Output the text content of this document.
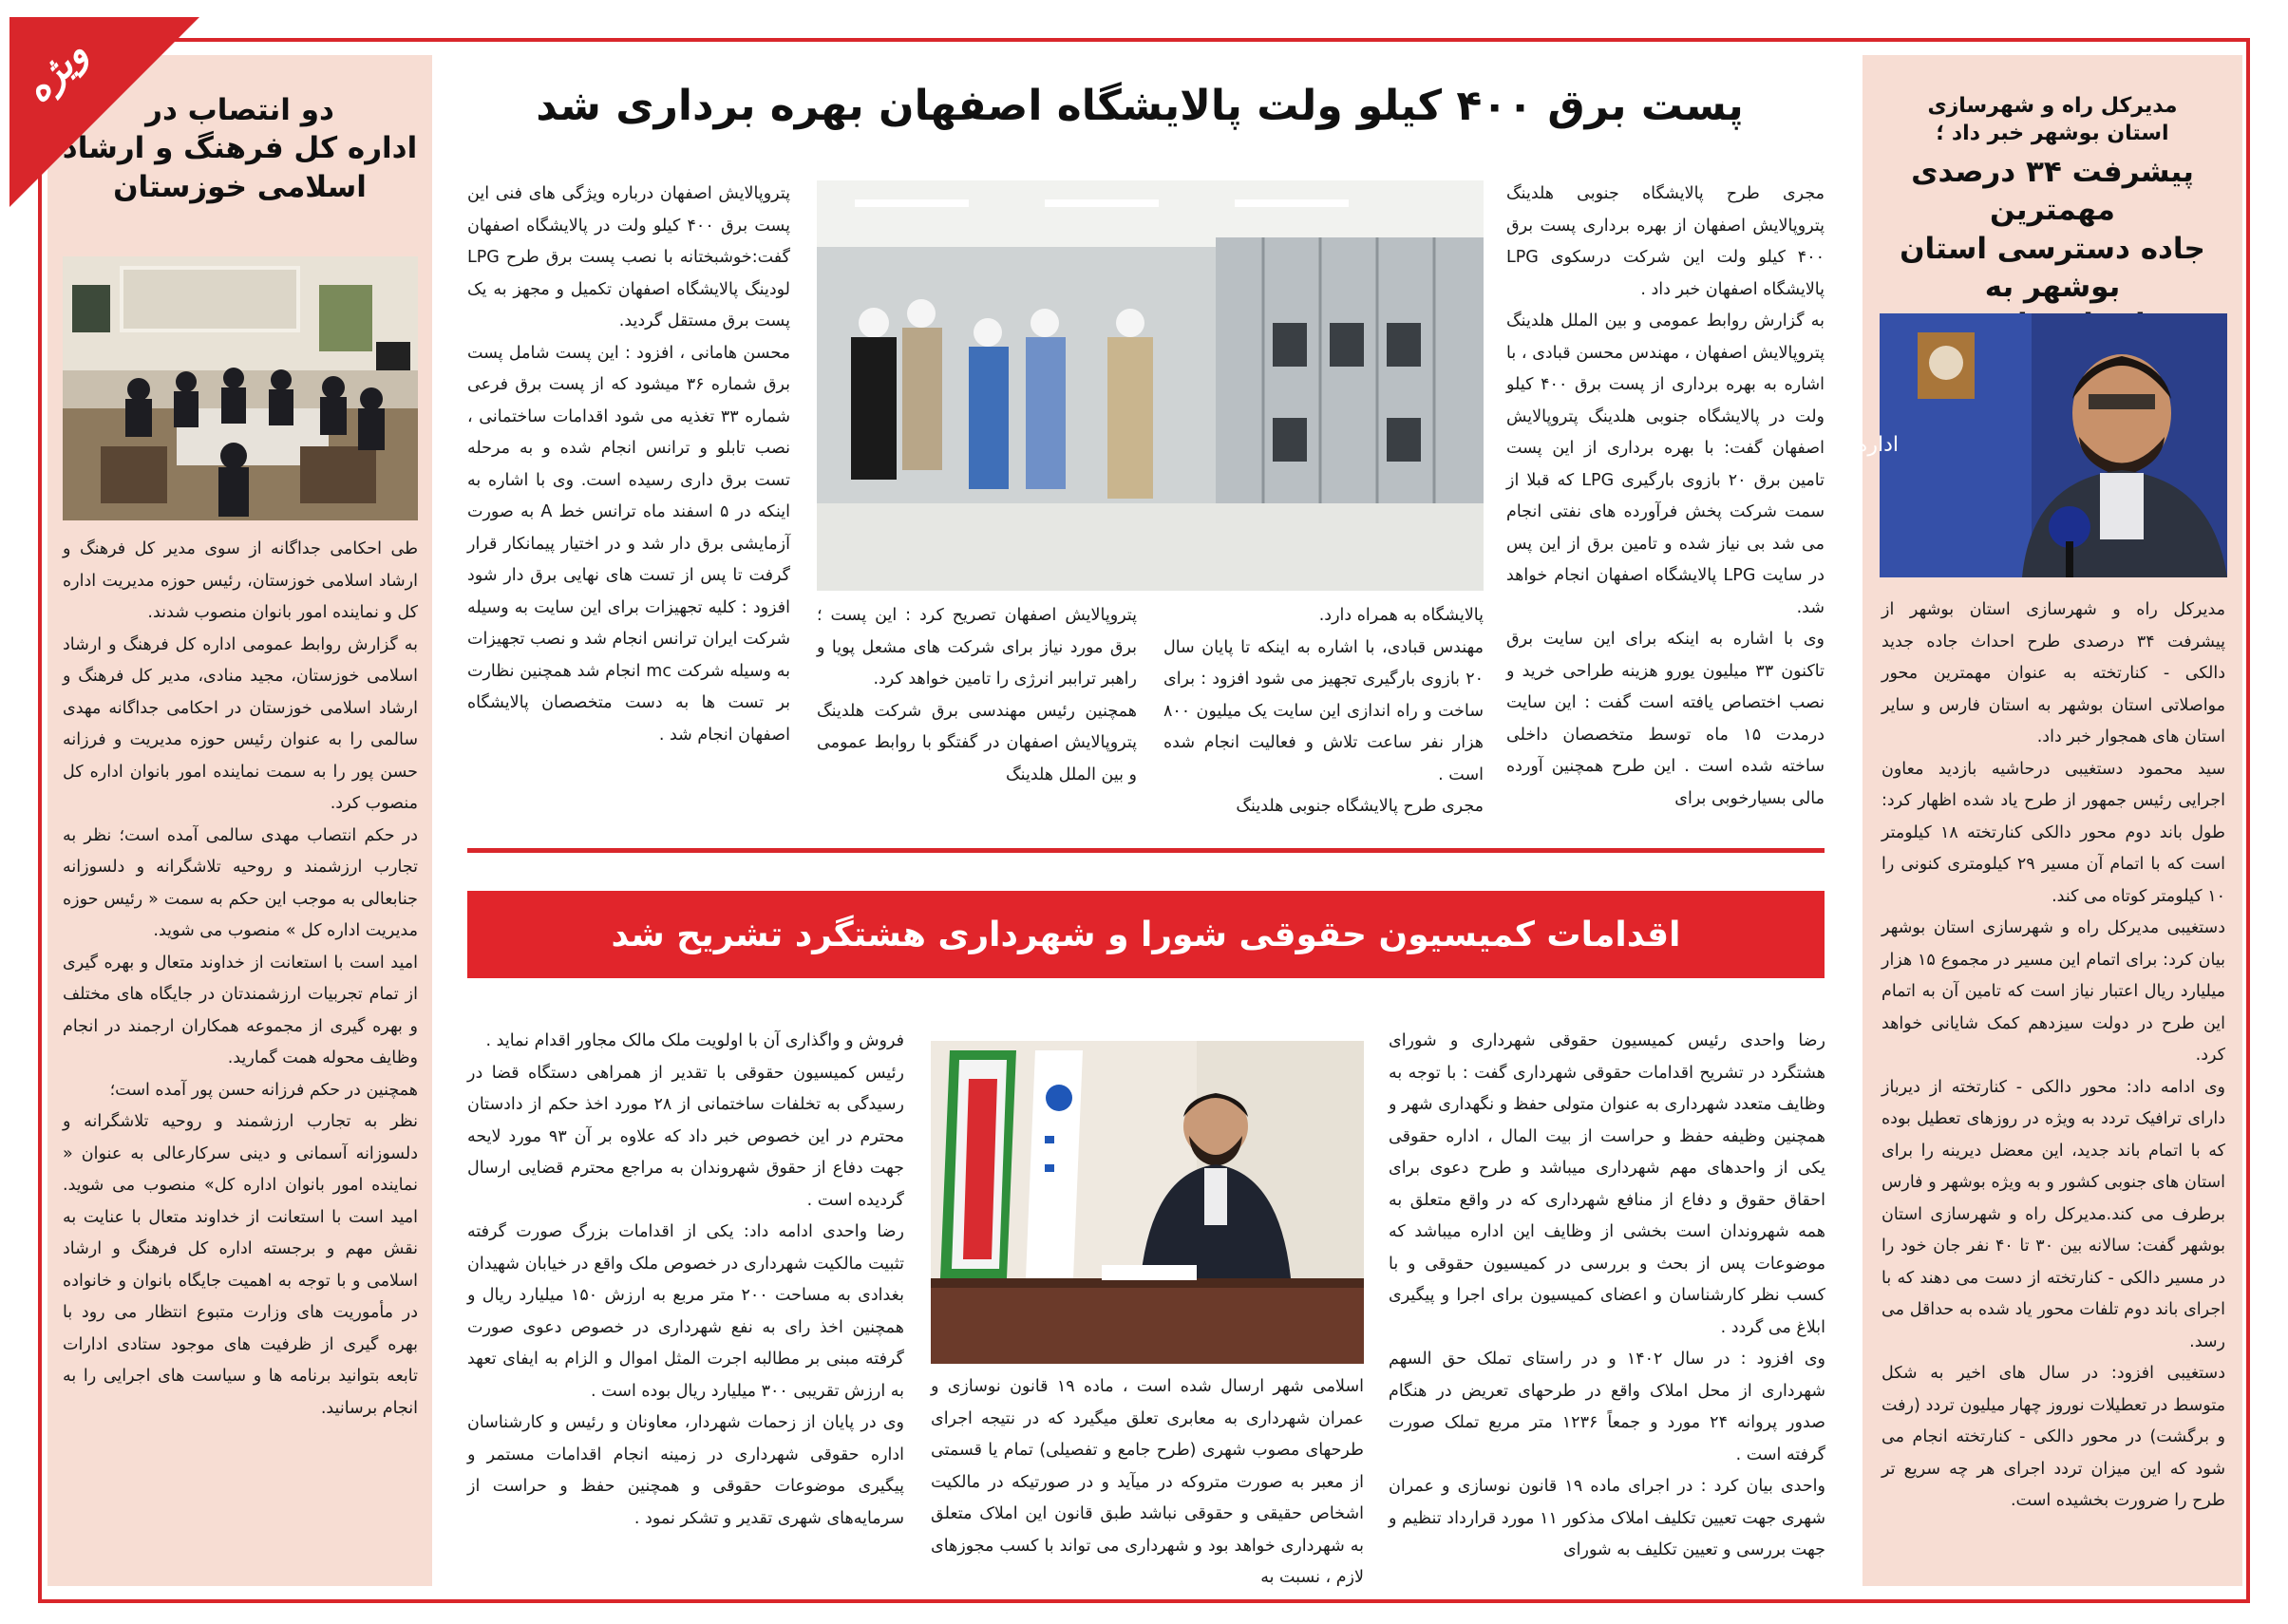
دو انتصاب در
اداره کل فرهنگ و ارشاد
اسلامی خوزستان

طی احکامی جداگانه از سوی مدیر کل فرهنگ و ارشاد اسلامی خوزستان، رئیس حوزه مدیریت اداره کل و نماینده امور بانوان منصوب شدند.
به گزارش روابط عمومی اداره کل فرهنگ و ارشاد اسلامی خوزستان، مجید منادی، مدیر کل فرهنگ و ارشاد اسلامی خوزستان در احکامی جداگانه مهدی سالمی را به عنوان رئیس حوزه مدیریت و فرزانه حسن پور را به سمت نماینده امور بانوان اداره کل منصوب کرد.
در حکم انتصاب مهدی سالمی آمده است؛ نظر به تجارب ارزشمند و روحیه تلاشگرانه و دلسوزانه جنابعالی به موجب این حکم به سمت « رئیس حوزه مدیریت اداره کل » منصوب می شوید.
امید است با استعانت از خداوند متعال و بهره گیری از تمام تجربیات ارزشمندتان در جایگاه های مختلف و بهره گیری از مجموعه همکاران ارجمند در انجام وظایف محوله همت گمارید.
همچنین در حکم فرزانه حسن پور آمده است؛
نظر به تجارب ارزشمند و روحیه تلاشگرانه و دلسوزانه آسمانی و دینی سرکارعالی به عنوان « نماینده امور بانوان اداره کل» منصوب می شوید. امید است با استعانت از خداوند متعال با عنایت به نقش مهم و برجسته اداره کل فرهنگ و ارشاد اسلامی و با توجه به اهمیت جایگاه بانوان و خانواده در مأموریت های وزارت متبوع انتظار می رود با بهره گیری از ظرفیت های موجود ستادی ادارات تابعه بتوانید برنامه ها و سیاست های اجرایی را به انجام برسانید.

ویژه	مدیرکل راه و شهرسازی
استان بوشهر خبر داد ؛
پیشرفت ۳۴ درصدی مهمترین
جاده دسترسی استان بوشهر به

اداره کل

مدیرکل راه و شهرسازی استان بوشهر از پیشرفت ۳۴ درصدی طرح احداث جاده جدید دالکی - کنارتخته به عنوان مهمترین محور مواصلاتی استان بوشهر به استان فارس و سایر استان های همجوار خبر داد.
سید محمود دستغیبی درحاشیه بازدید معاون اجرایی رئیس جمهور از طرح یاد شده اظهار کرد: طول باند دوم محور دالکی کنارتخته ۱۸ کیلومتر است که با اتمام آن مسیر ۲۹ کیلومتری کنونی را ۱۰ کیلومتر کوتاه می کند.
دستغیبی مدیرکل راه و شهرسازی استان بوشهر بیان کرد: برای اتمام این مسیر در مجموع ۱۵ هزار میلیارد ریال اعتبار نیاز است که تامین آن به اتمام این طرح در دولت سیزدهم کمک شایانی خواهد کرد.
وی ادامه داد: محور دالکی - کنارتخته از دیرباز دارای ترافیک تردد به ویژه در روزهای تعطیل بوده که با اتمام باند جدید، این معضل دیرینه را برای استان های جنوبی کشور و به ویژه بوشهر و فارس برطرف می کند.مدیرکل راه و شهرسازی استان بوشهر گفت: سالانه بین ۳۰ تا ۴۰ نفر جان خود را در مسیر دالکی - کنارتخته از دست می دهند که با اجرای باند دوم تلفات محور یاد شده به حداقل می رسد.
دستغیبی افزود: در سال های اخیر به شکل متوسط در تعطیلات نوروز چهار میلیون تردد (رفت و برگشت) در محور دالکی - کنارتخته انجام می شود که این میزان تردد اجرای هر چه سریع تر طرح را ضرورت بخشیده است.

پست برق ۴۰۰ کیلو ولت پالایشگاه اصفهان بهره برداری شد

مجری طرح پالایشگاه جنوبی هلدینگ پتروپالایش اصفهان از بهره برداری پست برق ۴۰۰ کیلو ولت این شرکت درسکوی LPG پالایشگاه اصفهان خبر داد .
به گزارش روابط عمومی و بین الملل هلدینگ پتروپالایش اصفهان ، مهندس محسن قبادی ، با اشاره به بهره برداری از پست برق ۴۰۰ کیلو ولت در پالایشگاه جنوبی هلدینگ پتروپالایش اصفهان گفت: با بهره برداری از این پست تامین برق ۲۰ بازوی بارگیری LPG که قبلا از سمت شرکت پخش فرآورده های نفتی انجام می شد بی نیاز شده و تامین برق از این پس در سایت LPG پالایشگاه اصفهان انجام خواهد شد.
وی با اشاره به اینکه برای این سایت برق تاکنون ۳۳ میلیون یورو هزینه طراحی خرید و نصب اختصاص یافته است گفت : این سایت درمدت ۱۵ ماه توسط متخصصان داخلی ساخته شده است . این طرح همچنین آورده مالی بسیارخوبی برای

پالایشگاه به همراه دارد.
مهندس قبادی، با اشاره به اینکه تا پایان سال ۲۰ بازوی بارگیری تجهیز می شود افزود : برای ساخت و راه اندازی این سایت یک میلیون ۸۰۰ هزار نفر ساعت تلاش و فعالیت انجام شده است .
مجری طرح پالایشگاه جنوبی هلدینگ

پتروپالایش اصفهان تصریح کرد : این پست ؛ برق مورد نیاز برای شرکت های مشعل پویا و راهبر تراببر انرژی را تامین خواهد کرد.
همچنین رئیس مهندسی برق شرکت هلدینگ پتروپالایش اصفهان در گفتگو با روابط عمومی و بین الملل هلدینگ

پتروپالایش اصفهان درباره ویژگی های فنی این پست برق ۴۰۰ کیلو ولت در پالایشگاه اصفهان گفت:خوشبختانه با نصب پست برق طرح LPG لودینگ پالایشگاه اصفهان تکمیل و مجهز به یک پست برق مستقل گردید.
محسن هامانی ، افزود : این پست شامل پست برق شماره ۳۶ میشود که از پست برق فرعی شماره ۳۳ تغذیه می شود اقدامات ساختمانی ، نصب تابلو و ترانس انجام شده و به مرحله تست برق داری رسیده است. وی با اشاره به اینکه در ۵ اسفند ماه ترانس خط A به صورت آزمایشی برق دار شد و در اختیار پیمانکار قرار گرفت تا پس از تست های نهایی برق دار شود افزود : کلیه تجهیزات برای این سایت به وسیله شرکت ایران ترانس انجام شد و نصب تجهیزات به وسیله شرکت mc انجام شد همچنین نظارت بر تست ها به دست متخصصان پالایشگاه اصفهان انجام شد .

اقدامات کمیسیون حقوقی شورا و شهرداری هشتگرد تشریح شد

رضا واحدی رئیس کمیسیون حقوقی شهرداری و شورای هشتگرد در تشریح اقدامات حقوقی شهرداری گفت : با توجه به وظایف متعدد شهرداری به عنوان متولی حفظ و نگهداری شهر و همچنین وظیفه حفظ و حراست از بیت المال ، اداره حقوقی یکی از واحدهای مهم شهرداری میباشد و طرح دعوی برای احقاق حقوق و دفاع از منافع شهرداری که در واقع متعلق به همه شهروندان است بخشی از وظایف این اداره میباشد که موضوعات پس از بحث و بررسی در کمیسیون حقوقی و با کسب نظر کارشناسان و اعضای کمیسیون برای اجرا و پیگیری ابلاغ می گردد .
وی افزود : در سال ۱۴۰۲ و در راستای تملک حق السهم شهرداری از محل املاک واقع در طرحهای تعریض در هنگام صدور پروانه ۲۴ مورد و جمعاً ۱۲۳۶ متر مربع تملک صورت گرفته است .
واحدی بیان کرد : در اجرای ماده ۱۹ قانون نوسازی و عمران شهری جهت تعیین تکلیف املاک مذکور ۱۱ مورد قرارداد تنظیم و جهت بررسی و تعیین تکلیف به شورای

اسلامی شهر ارسال شده است ، ماده ۱۹ قانون نوسازی و عمران شهرداری به معابری تعلق میگیرد که در نتیجه اجرای طرحهای مصوب شهری (طرح جامع و تفصیلی) تمام یا قسمتی از معبر به صورت متروکه در میآید و در صورتیکه در مالکیت اشخاص حقیقی و حقوقی نباشد طبق قانون این املاک متعلق به شهرداری خواهد بود و شهرداری می تواند با کسب مجوزهای لازم ، نسبت به

فروش و واگذاری آن با اولویت ملک مالک مجاور اقدام نماید .
رئیس کمیسیون حقوقی با تقدیر از همراهی دستگاه قضا در رسیدگی به تخلفات ساختمانی از ۲۸ مورد اخذ حکم از دادستان محترم در این خصوص خبر داد که علاوه بر آن ۹۳ مورد لایحه جهت دفاع از حقوق شهروندان به مراجع محترم قضایی ارسال گردیده است .
رضا واحدی ادامه داد: یکی از اقدامات بزرگ صورت گرفته تثبیت مالکیت شهرداری در خصوص ملک واقع در خیابان شهیدان بغدادی به مساحت ۲۰۰ متر مربع به ارزش ۱۵۰ میلیارد ریال و همچنین اخذ رای به نفع شهرداری در خصوص دعوی صورت گرفته مبنی بر مطالبه اجرت المثل اموال و الزام به ایفای تعهد به ارزش تقریبی ۳۰۰ میلیارد ریال بوده است .
وی در پایان از زحمات شهردار، معاونان و رئیس و کارشناسان اداره حقوقی شهرداری در زمینه انجام اقدامات مستمر و پیگیری موضوعات حقوقی و همچنین حفظ و حراست از سرمایه‌های شهری تقدیر و تشکر نمود .
